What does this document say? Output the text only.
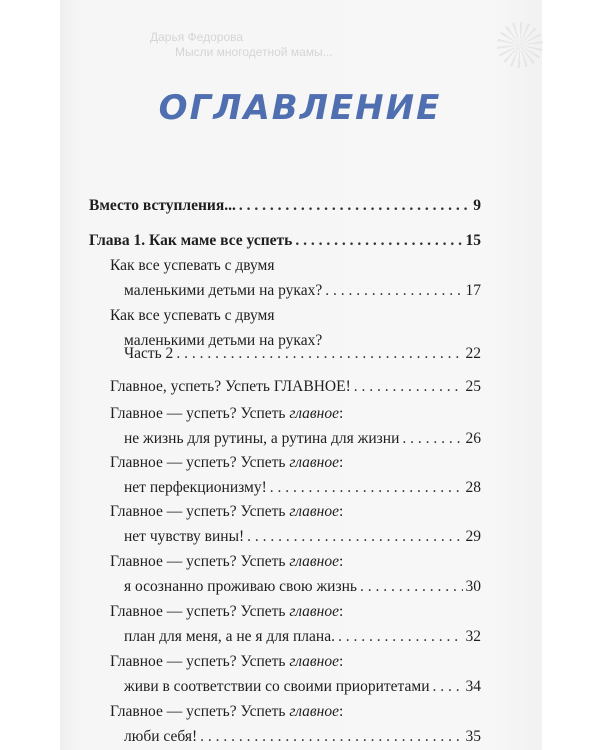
Дарья Федорова
Мысли многодетной мамы...
ОГЛАВЛЕНИЕ
Вместо вступления... . . .	9
Глава 1. Как маме все успеть . . .	15
Как все успевать с двумя
маленькими детьми на руках? . . .	17
Как все успевать с двумя
маленькими детьми на руках?
Часть 2 . . .	22
Главное, успеть? Успеть ГЛАВНОЕ! . . .	25
Главное — успеть? Успеть главное:
не жизнь для рутины, а рутина для жизни . . .	26
Главное — успеть? Успеть главное:
нет перфекционизму! . . .	28
Главное — успеть? Успеть главное:
нет чувству вины! . . .	29
Главное — успеть? Успеть главное:
я осознанно проживаю свою жизнь . . .	30
Главное — успеть? Успеть главное:
план для меня, а не я для плана. . . .	32
Главное — успеть? Успеть главное:
живи в соответствии со своими приоритетами . . . 34
Главное — успеть? Успеть главное:
люби себя! . . .	35
